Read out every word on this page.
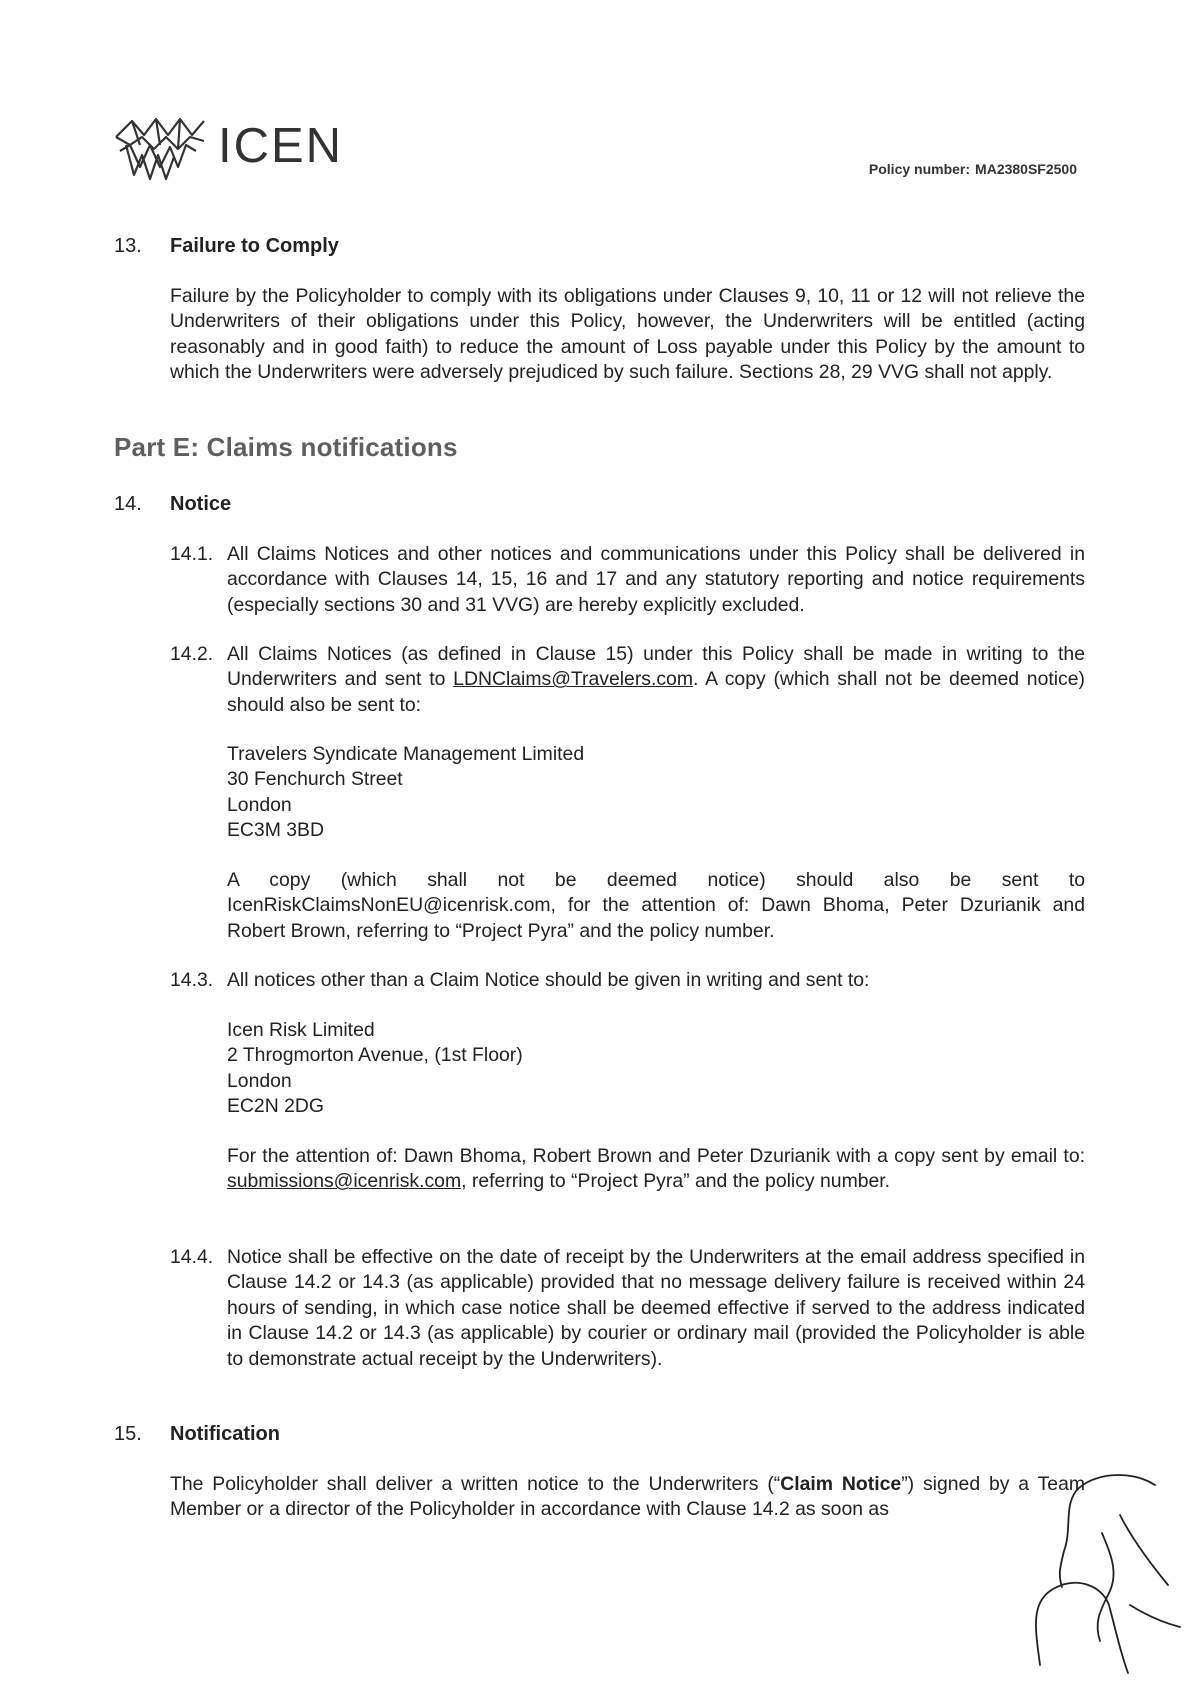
ICEN	Policy number: MA2380SF2500
13. Failure to Comply
Failure by the Policyholder to comply with its obligations under Clauses 9, 10, 11 or 12 will not relieve the Underwriters of their obligations under this Policy, however, the Underwriters will be entitled (acting reasonably and in good faith) to reduce the amount of Loss payable under this Policy by the amount to which the Underwriters were adversely prejudiced by such failure. Sections 28, 29 VVG shall not apply.
Part E: Claims notifications
14. Notice
14.1. All Claims Notices and other notices and communications under this Policy shall be delivered in accordance with Clauses 14, 15, 16 and 17 and any statutory reporting and notice requirements (especially sections 30 and 31 VVG) are hereby explicitly excluded.
14.2. All Claims Notices (as defined in Clause 15) under this Policy shall be made in writing to the Underwriters and sent to LDNClaims@Travelers.com. A copy (which shall not be deemed notice) should also be sent to:
Travelers Syndicate Management Limited
30 Fenchurch Street
London
EC3M 3BD
A copy (which shall not be deemed notice) should also be sent to
IcenRiskClaimsNonEU@icenrisk.com, for the attention of: Dawn Bhoma, Peter Dzurianik and Robert Brown, referring to “Project Pyra” and the policy number.
14.3. All notices other than a Claim Notice should be given in writing and sent to:
Icen Risk Limited
2 Throgmorton Avenue, (1st Floor)
London
EC2N 2DG
For the attention of: Dawn Bhoma, Robert Brown and Peter Dzurianik with a copy sent by email to: submissions@icenrisk.com, referring to “Project Pyra” and the policy number.
14.4. Notice shall be effective on the date of receipt by the Underwriters at the email address specified in Clause 14.2 or 14.3 (as applicable) provided that no message delivery failure is received within 24 hours of sending, in which case notice shall be deemed effective if served to the address indicated in Clause 14.2 or 14.3 (as applicable) by courier or ordinary mail (provided the Policyholder is able to demonstrate actual receipt by the Underwriters).
15. Notification
The Policyholder shall deliver a written notice to the Underwriters (“Claim Notice”) signed by a Team Member or a director of the Policyholder in accordance with Clause 14.2 as soon as
